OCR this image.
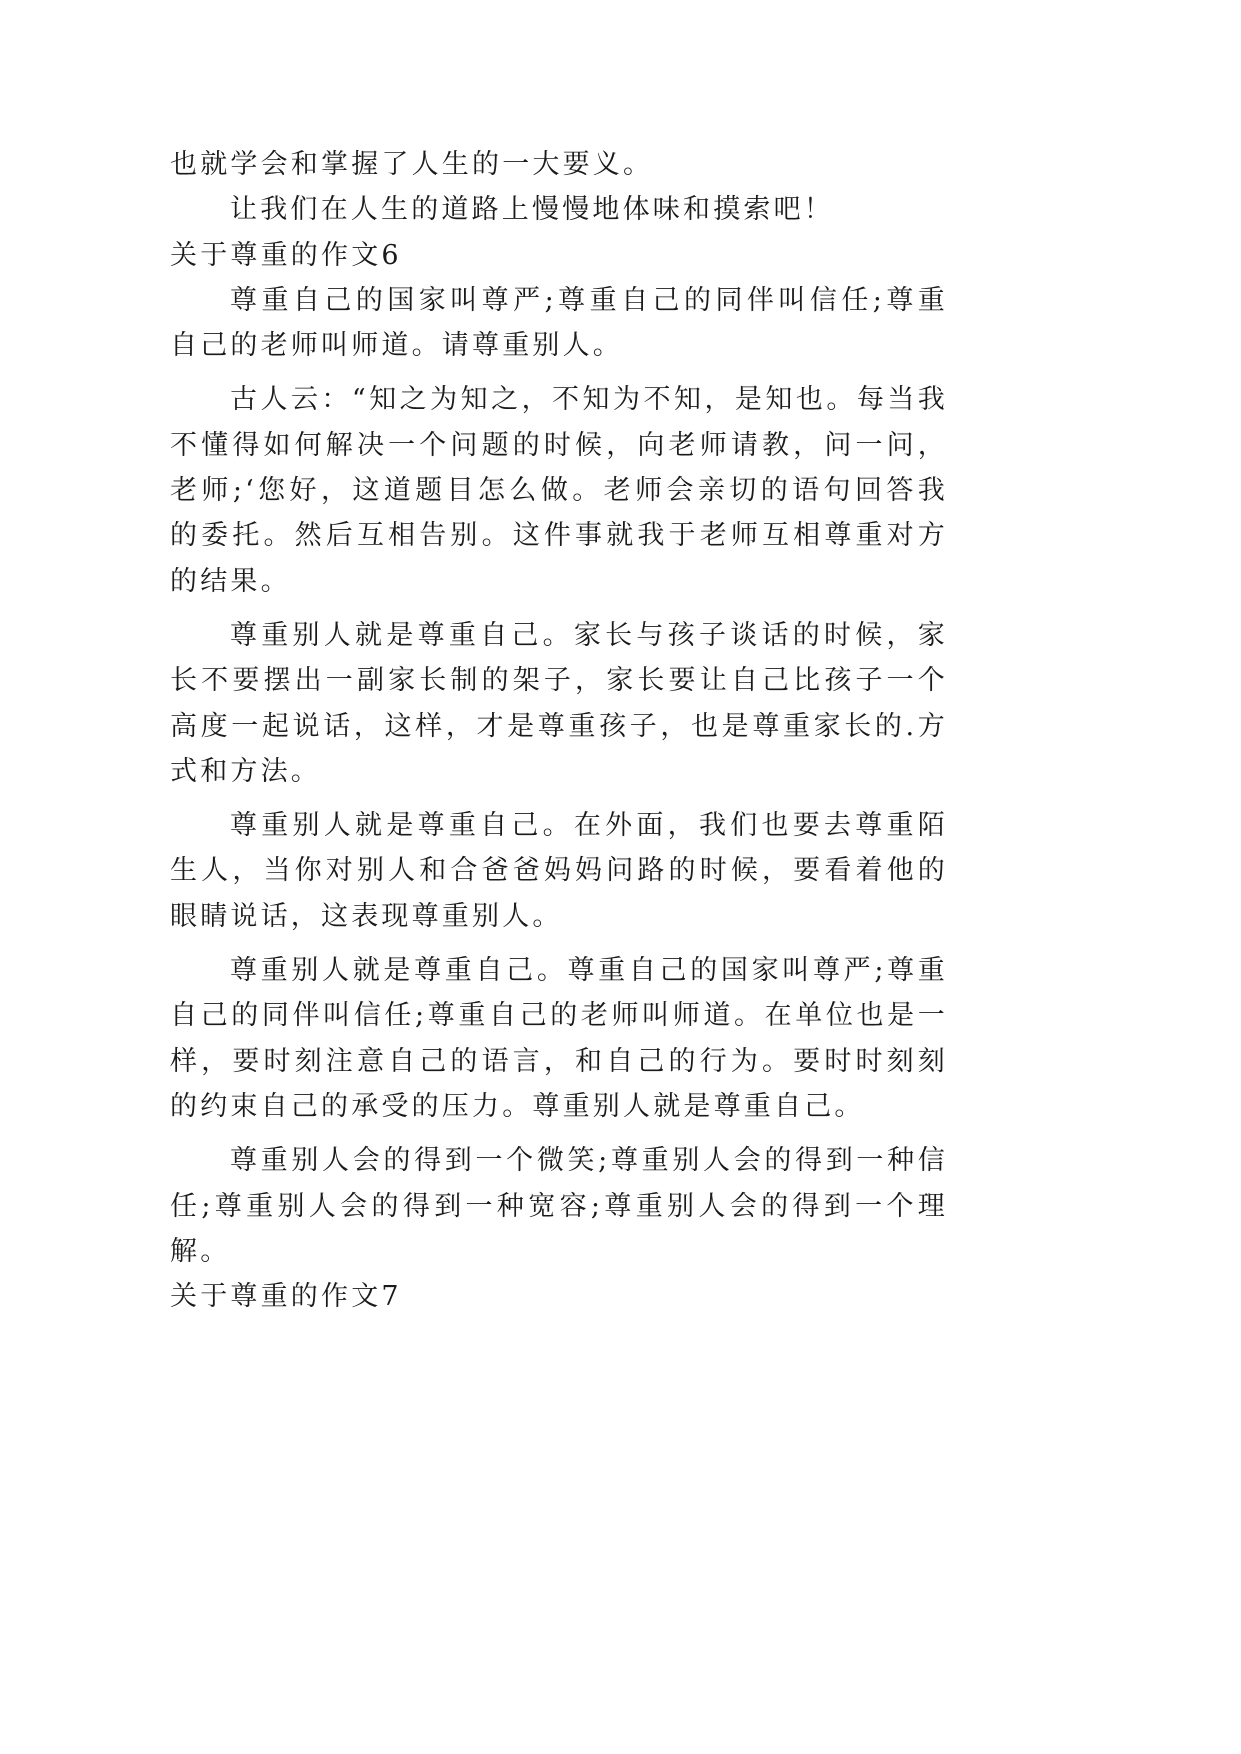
也就学会和掌握了人生的一大要义。

让我们在人生的道路上慢慢地体味和摸索吧！

关于尊重的作文6

尊重自己的国家叫尊严;尊重自己的同伴叫信任;尊重自己的老师叫师道。请尊重别人。

古人云：“知之为知之，不知为不知，是知也。每当我不懂得如何解决一个问题的时候，向老师请教，问一问，老师;‘您好，这道题目怎么做。老师会亲切的语句回答我的委托。然后互相告别。这件事就我于老师互相尊重对方的结果。

尊重别人就是尊重自己。家长与孩子谈话的时候，家长不要摆出一副家长制的架子，家长要让自己比孩子一个高度一起说话，这样，才是尊重孩子，也是尊重家长的.方式和方法。

尊重别人就是尊重自己。在外面，我们也要去尊重陌生人，当你对别人和合爸爸妈妈问路的时候，要看着他的眼睛说话，这表现尊重别人。

尊重别人就是尊重自己。尊重自己的国家叫尊严;尊重自己的同伴叫信任;尊重自己的老师叫师道。在单位也是一样，要时刻注意自己的语言，和自己的行为。要时时刻刻的约束自己的承受的压力。尊重别人就是尊重自己。

尊重别人会的得到一个微笑;尊重别人会的得到一种信任;尊重别人会的得到一种宽容;尊重别人会的得到一个理解。

关于尊重的作文7
